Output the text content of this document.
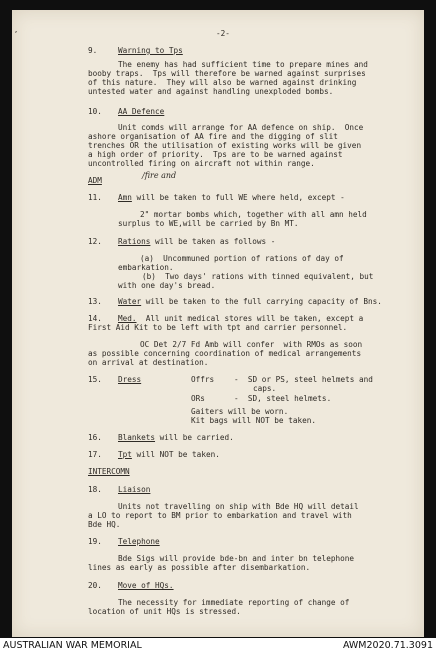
-2-
,
9.	Warning to Tps
The enemy has had sufficient time to prepare mines and
booby traps.  Tps will therefore be warned against surprises
of this nature.  They will also be warned against drinking
untested water and against handling unexploded bombs.
10. AA Defence
Unit comds will arrange for AA defence on ship.  Once
ashore organisation of AA fire and the digging of slit
trenches OR the utilisation of existing works will be given
a high order of priority.  Tps are to be warned against
uncontrolled firing on aircraft not within range.
/fire and
ADM
11. Amn will be taken to full WE where held, except -
2" mortar bombs which, together with all amn held
surplus to WE,will be carried by Bn MT.
12. Rations will be taken as follows -
(a)  Uncommuned portion of rations of day of
embarkation.
(b)  Two days' rations with tinned equivalent, but
with one day's bread.
13. Water will be taken to the full carrying capacity of Bns.
14. Med.  All unit medical stores will be taken, except a
First Aid Kit to be left with tpt and carrier personnel.
OC Det 2/7 Fd Amb will confer  with RMOs as soon
as possible concerning coordination of medical arrangements
on arrival at destination.
15. Dress	Offrs	-  SD or PS, steel helmets and
caps.
ORs	-  SD, steel helmets.
Gaiters will be worn.
Kit bags will NOT be taken.
16. Blankets will be carried.
17. Tpt will NOT be taken.
INTERCOMN
18. Liaison
Units not travelling on ship with Bde HQ will detail
a LO to report to BM prior to embarkation and travel with
Bde HQ.
19. Telephone
Bde Sigs will provide bde-bn and inter bn telephone
lines as early as possible after disembarkation.
20. Move of HQs.
The necessity for immediate reporting of change of
location of unit HQs is stressed.
AUSTRALIAN WAR MEMORIAL	AWM2020.71.3091
